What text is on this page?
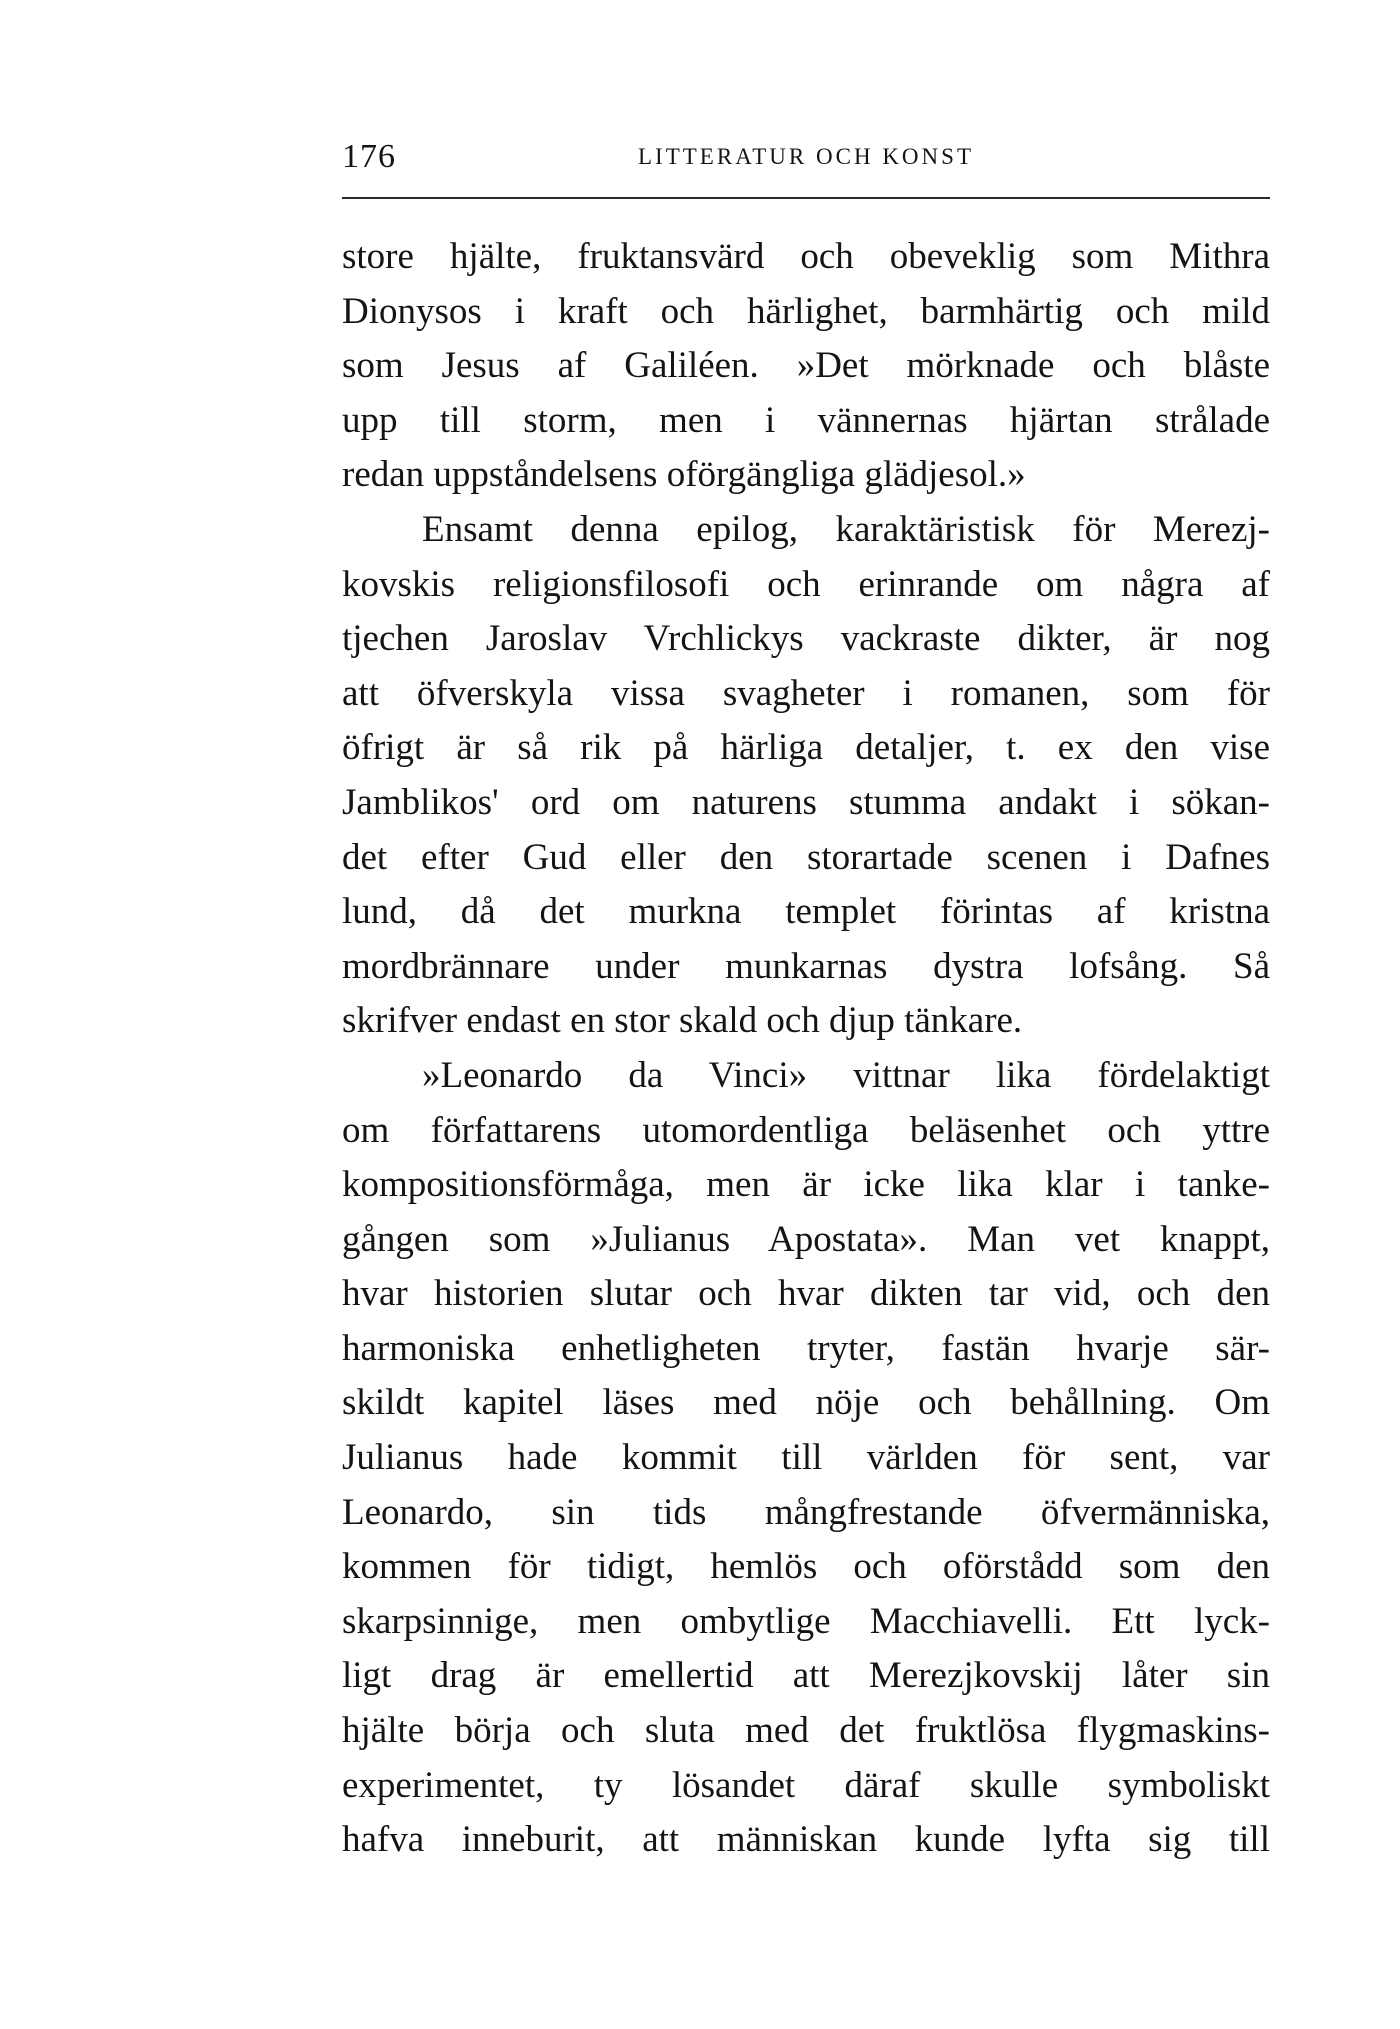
176	LITTERATUR OCH KONST
store hjälte, fruktansvärd och obeveklig som Mithra
Dionysos i kraft och härlighet, barmhärtig och mild
som Jesus af Galiléen. »Det mörknade och blåste
upp till storm, men i vännernas hjärtan strålade
redan uppståndelsens oförgängliga glädjesol.»
Ensamt denna epilog, karaktäristisk för Merezj-
kovskis religionsfilosofi och erinrande om några af
tjechen Jaroslav Vrchlickys vackraste dikter, är nog
att öfverskyla vissa svagheter i romanen, som för
öfrigt är så rik på härliga detaljer, t. ex den vise
Jamblikos' ord om naturens stumma andakt i sökan-
det efter Gud eller den storartade scenen i Dafnes
lund, då det murkna templet förintas af kristna
mordbrännare under munkarnas dystra lofsång. Så
skrifver endast en stor skald och djup tänkare.
»Leonardo da Vinci» vittnar lika fördelaktigt
om författarens utomordentliga beläsenhet och yttre
kompositionsförmåga, men är icke lika klar i tanke-
gången som »Julianus Apostata». Man vet knappt,
hvar historien slutar och hvar dikten tar vid, och den
harmoniska enhetligheten tryter, fastän hvarje sär-
skildt kapitel läses med nöje och behållning. Om
Julianus hade kommit till världen för sent, var
Leonardo, sin tids mångfrestande öfvermänniska,
kommen för tidigt, hemlös och oförstådd som den
skarpsinnige, men ombytlige Macchiavelli. Ett lyck-
ligt drag är emellertid att Merezjkovskij låter sin
hjälte börja och sluta med det fruktlösa flygmaskins-
experimentet, ty lösandet däraf skulle symboliskt
hafva inneburit, att människan kunde lyfta sig till
